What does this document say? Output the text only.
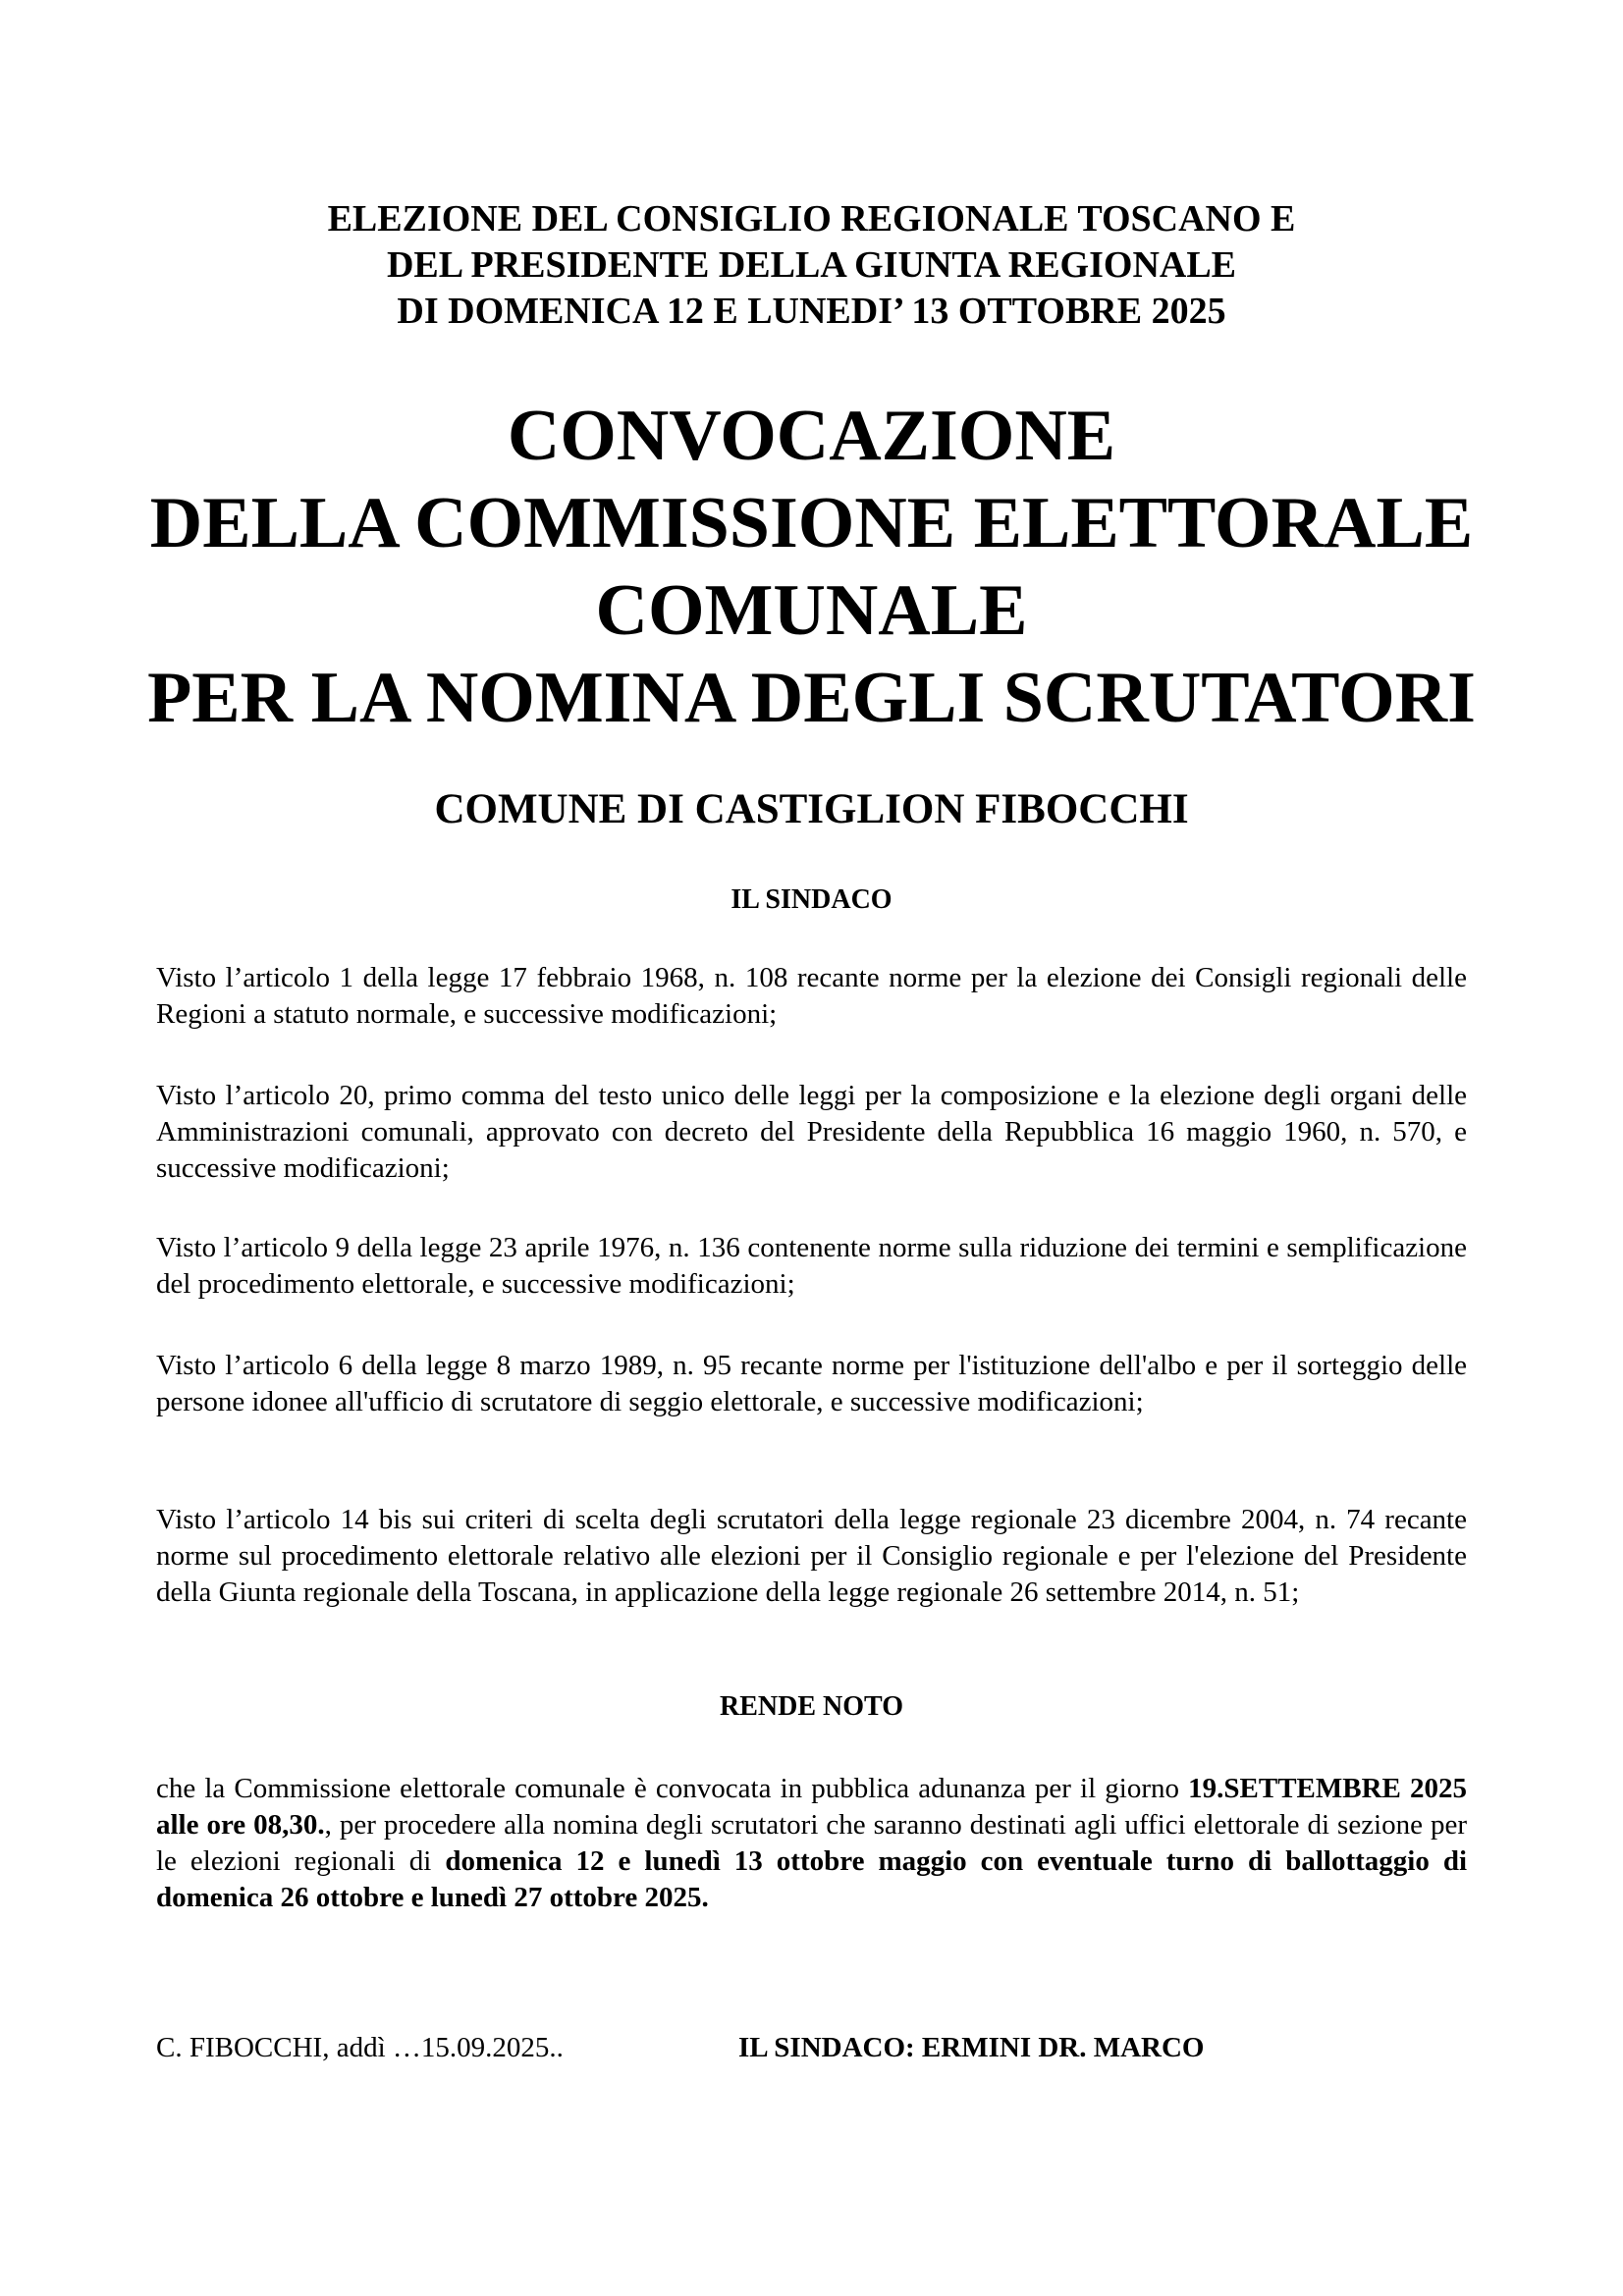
ELEZIONE DEL CONSIGLIO REGIONALE TOSCANO E
DEL PRESIDENTE DELLA GIUNTA REGIONALE
DI DOMENICA 12 E LUNEDI’ 13 OTTOBRE 2025
CONVOCAZIONE
DELLA COMMISSIONE ELETTORALE
COMUNALE
PER LA NOMINA DEGLI SCRUTATORI
COMUNE DI CASTIGLION FIBOCCHI
IL SINDACO

Visto l’articolo 1 della legge 17 febbraio 1968, n. 108 recante norme per la elezione dei Consigli regionali delle Regioni a statuto normale, e successive modificazioni;

Visto l’articolo 20, primo comma del testo unico delle leggi per la composizione e la elezione degli organi delle Amministrazioni comunali, approvato con decreto del Presidente della Repubblica 16 maggio 1960, n. 570, e successive modificazioni;

Visto l’articolo 9 della legge 23 aprile 1976, n. 136 contenente norme sulla riduzione dei termini e semplificazione del procedimento elettorale, e successive modificazioni;

Visto l’articolo 6 della legge 8 marzo 1989, n. 95 recante norme per l'istituzione dell'albo e per il sorteggio delle persone idonee all'ufficio di scrutatore di seggio elettorale, e successive modificazioni;

Visto l’articolo 14 bis sui criteri di scelta degli scrutatori della legge regionale 23 dicembre 2004, n. 74 recante norme sul procedimento elettorale relativo alle elezioni per il Consiglio regionale e per l'elezione del Presidente della Giunta regionale della Toscana, in applicazione della legge regionale 26 settembre 2014, n. 51;

RENDE NOTO

che la Commissione elettorale comunale è convocata in pubblica adunanza per il giorno 19.SETTEMBRE 2025 alle ore 08,30., per procedere alla nomina degli scrutatori che saranno destinati agli uffici elettorale di sezione per le elezioni regionali di domenica 12 e lunedì 13 ottobre maggio con eventuale turno di ballottaggio di domenica 26 ottobre e lunedì 27 ottobre 2025.

C. FIBOCCHI, addì …15.09.2025..	IL SINDACO: ERMINI DR. MARCO
